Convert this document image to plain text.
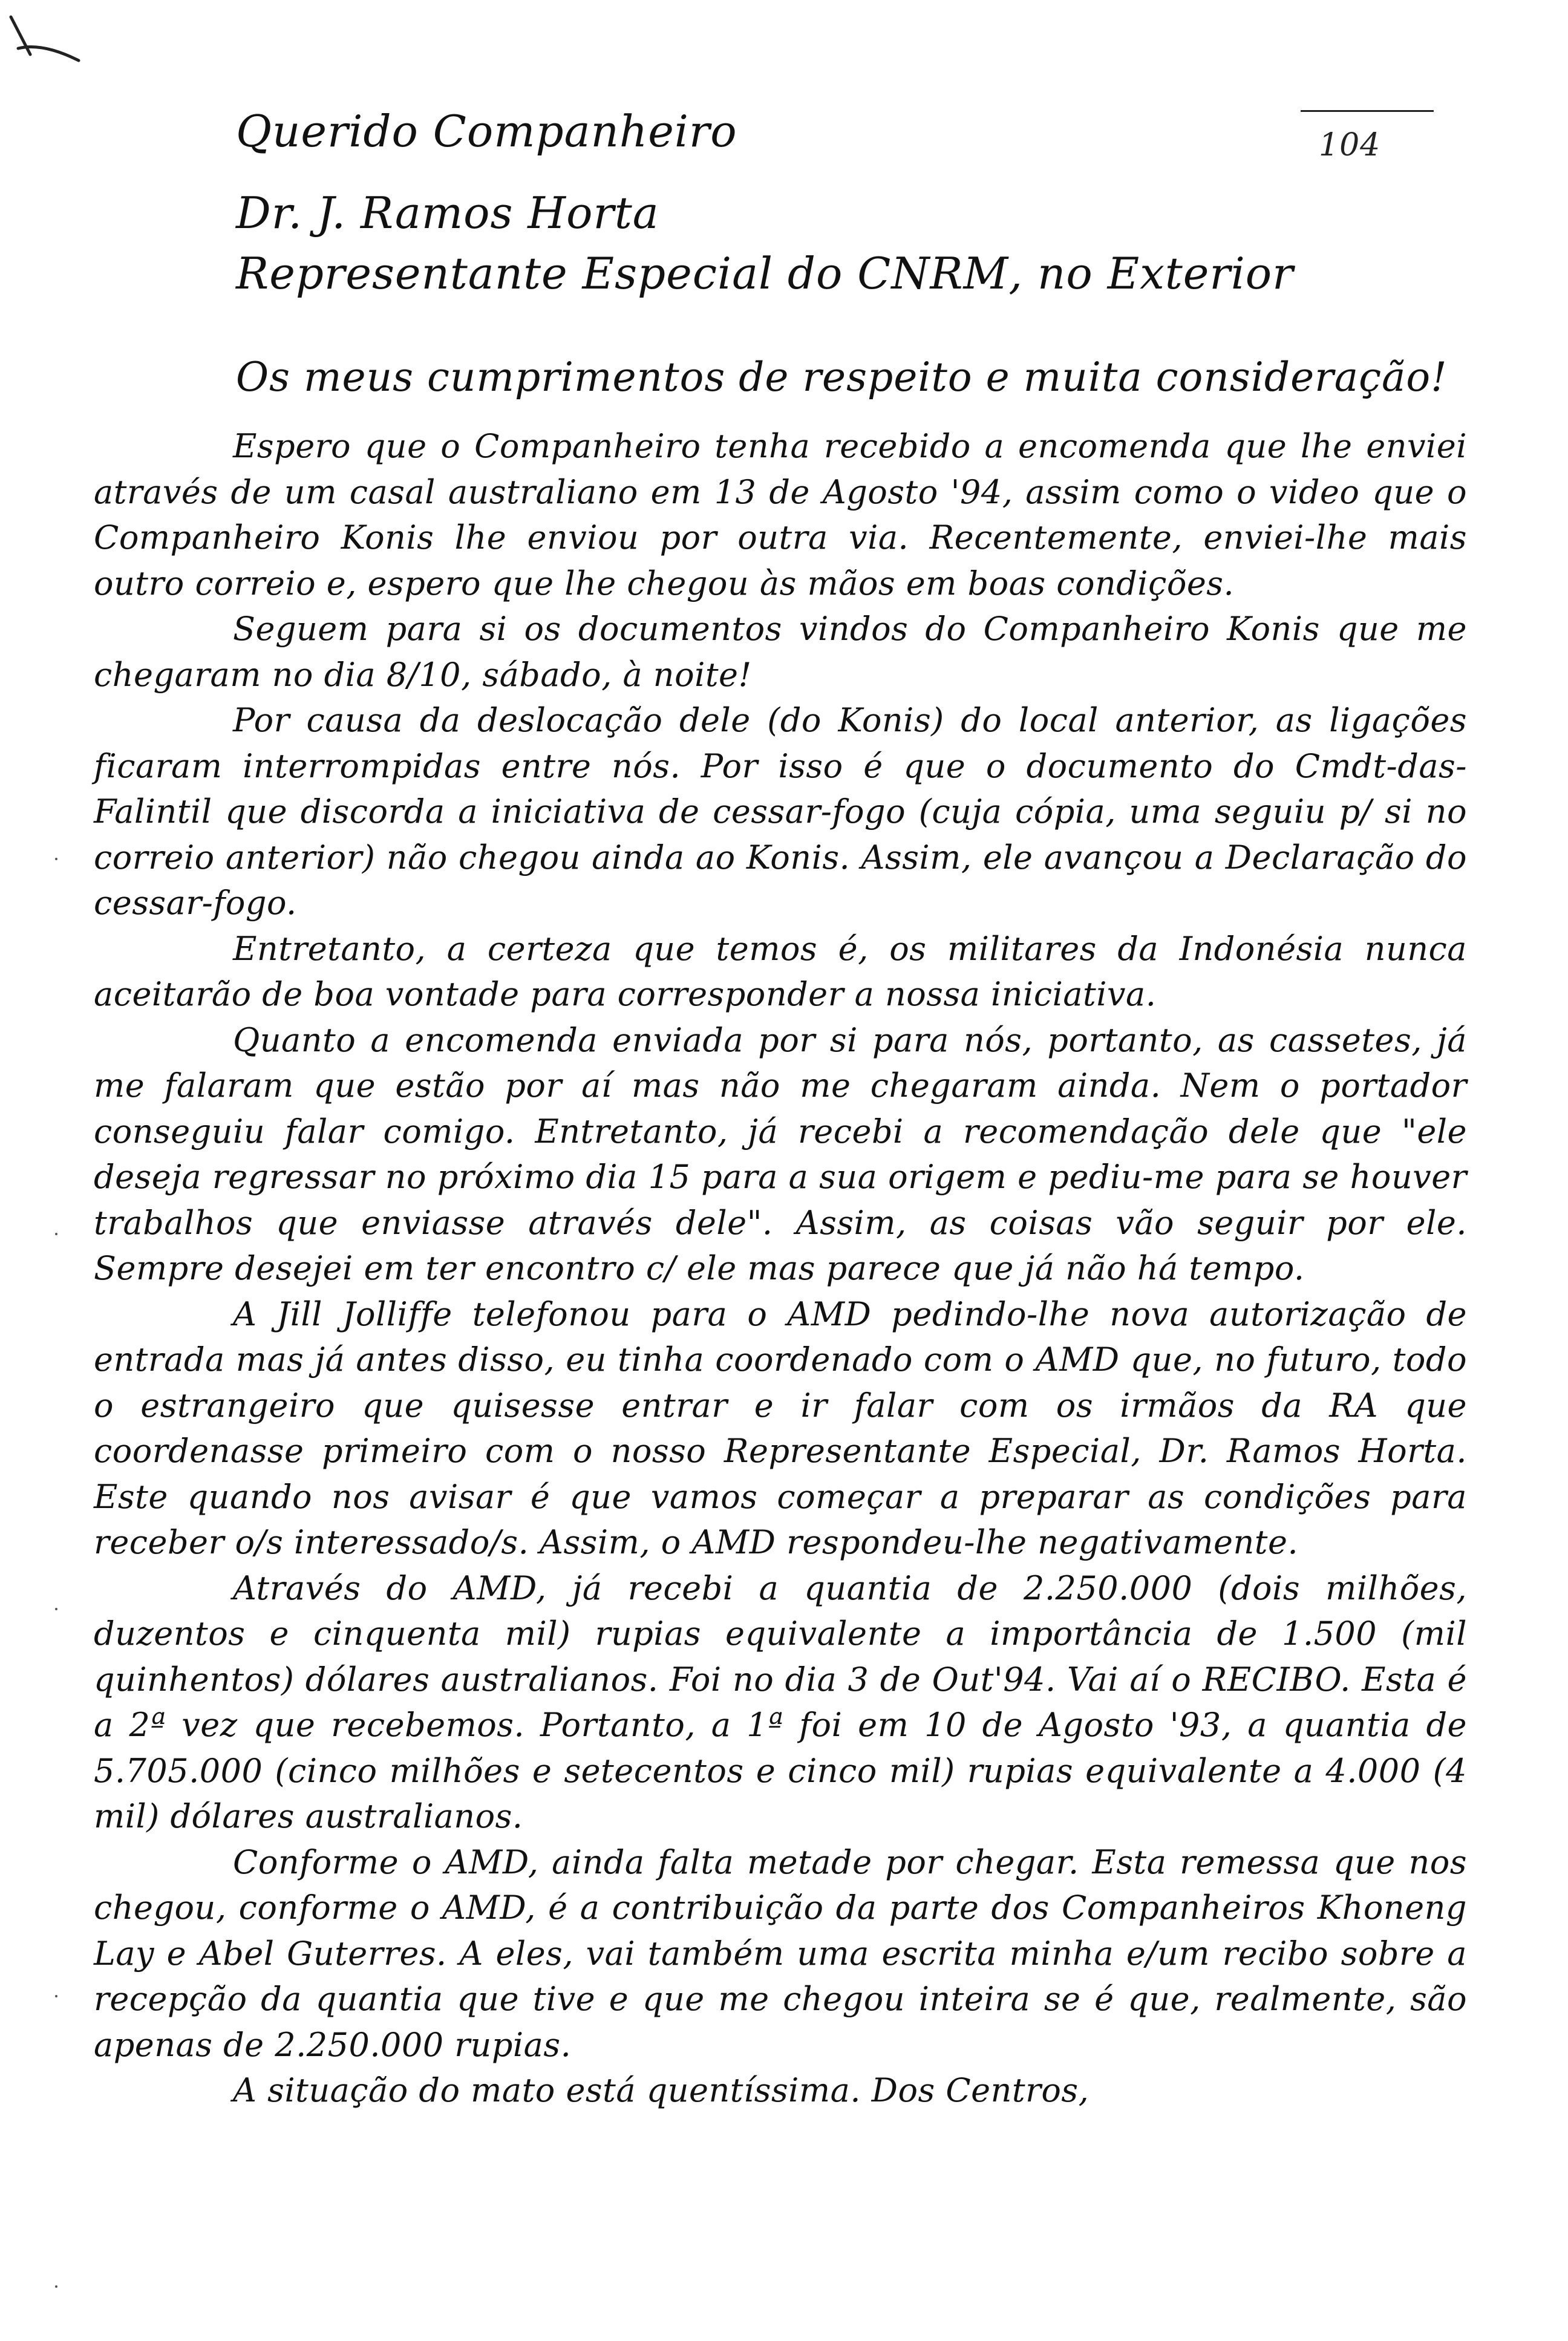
104
Querido Companheiro
Dr. J. Ramos Horta
Representante Especial do CNRM, no Exterior
Os meus cumprimentos de respeito e muita consideração!

Espero que o Companheiro tenha recebido a encomenda que lhe enviei através de um casal australiano em 13 de Agosto '94, assim como o video que o Companheiro Konis lhe enviou por outra via. Recentemente, enviei-lhe mais outro correio e, espero que lhe chegou às mãos em boas condições.

Seguem para si os documentos vindos do Companheiro Konis que me chegaram no dia 8/10, sábado, à noite!

Por causa da deslocação dele (do Konis) do local anterior, as ligações ficaram interrompidas entre nós. Por isso é que o documento do Cmdt-das-Falintil que discorda a iniciativa de cessar-fogo (cuja cópia, uma seguiu p/ si no correio anterior) não chegou ainda ao Konis. Assim, ele avançou a Declaração do cessar-fogo.

Entretanto, a certeza que temos é, os militares da Indonésia nunca aceitarão de boa vontade para corresponder a nossa iniciativa.

Quanto a encomenda enviada por si para nós, portanto, as cassetes, já me falaram que estão por aí mas não me chegaram ainda. Nem o portador conseguiu falar comigo. Entretanto, já recebi a recomendação dele que "ele deseja regressar no próximo dia 15 para a sua origem e pediu-me para se houver trabalhos que enviasse através dele". Assim, as coisas vão seguir por ele. Sempre desejei em ter encontro c/ ele mas parece que já não há tempo.

A Jill Jolliffe telefonou para o AMD pedindo-lhe nova autorização de entrada mas já antes disso, eu tinha coordenado com o AMD que, no futuro, todo o estrangeiro que quisesse entrar e ir falar com os irmãos da RA que coordenasse primeiro com o nosso Representante Especial, Dr. Ramos Horta. Este quando nos avisar é que vamos começar a preparar as condições para receber o/s interessado/s. Assim, o AMD respondeu-lhe negativamente.

Através do AMD, já recebi a quantia de 2.250.000 (dois milhões, duzentos e cinquenta mil) rupias equivalente a importância de 1.500 (mil quinhentos) dólares australianos. Foi no dia 3 de Out'94. Vai aí o RECIBO. Esta é a 2ª vez que recebemos. Portanto, a 1ª foi em 10 de Agosto '93, a quantia de 5.705.000 (cinco milhões e setecentos e cinco mil) rupias equivalente a 4.000 (4 mil) dólares australianos.

Conforme o AMD, ainda falta metade por chegar. Esta remessa que nos chegou, conforme o AMD, é a contribuição da parte dos Companheiros Khoneng Lay e Abel Guterres. A eles, vai também uma escrita minha e/um recibo sobre a recepção da quantia que tive e que me chegou inteira se é que, realmente, são apenas de 2.250.000 rupias.

A situação do mato está quentíssima. Dos Centros,
